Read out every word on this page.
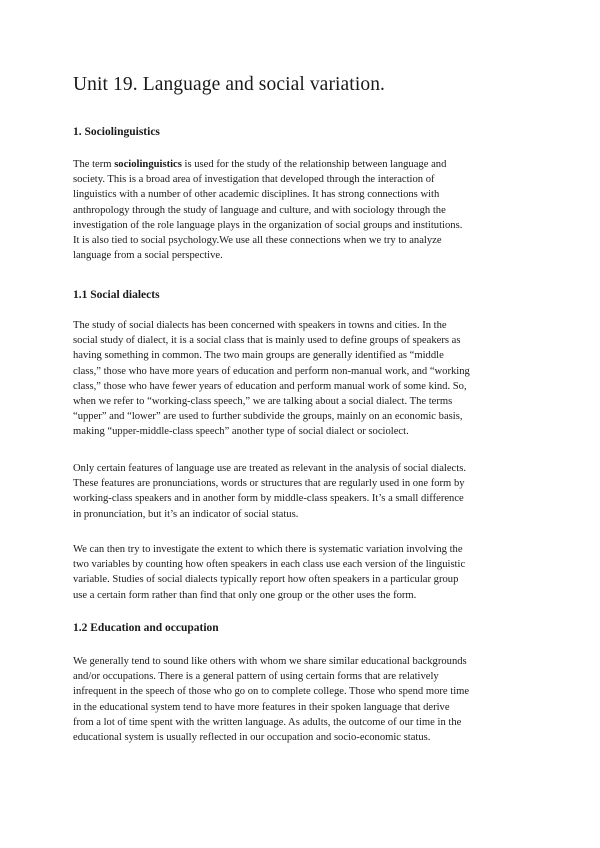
Unit 19. Language and social variation.
1. Sociolinguistics
The term sociolinguistics is used for the study of the relationship between language and
society. This is a broad area of investigation that developed through the interaction of
linguistics with a number of other academic disciplines. It has strong connections with
anthropology through the study of language and culture, and with sociology through the
investigation of the role language plays in the organization of social groups and institutions.
It is also tied to social psychology.We use all these connections when we try to analyze
language from a social perspective.
1.1 Social dialects
The study of social dialects has been concerned with speakers in towns and cities. In the
social study of dialect, it is a social class that is mainly used to define groups of speakers as
having something in common. The two main groups are generally identified as “middle
class,” those who have more years of education and perform non-manual work, and “working
class,” those who have fewer years of education and perform manual work of some kind. So,
when we refer to “working-class speech,” we are talking about a social dialect. The terms
“upper” and “lower” are used to further subdivide the groups, mainly on an economic basis,
making “upper-middle-class speech” another type of social dialect or sociolect.
Only certain features of language use are treated as relevant in the analysis of social dialects.
These features are pronunciations, words or structures that are regularly used in one form by
working-class speakers and in another form by middle-class speakers. It’s a small difference
in pronunciation, but it’s an indicator of social status.
We can then try to investigate the extent to which there is systematic variation involving the
two variables by counting how often speakers in each class use each version of the linguistic
variable. Studies of social dialects typically report how often speakers in a particular group
use a certain form rather than find that only one group or the other uses the form.
1.2 Education and occupation
We generally tend to sound like others with whom we share similar educational backgrounds
and/or occupations. There is a general pattern of using certain forms that are relatively
infrequent in the speech of those who go on to complete college. Those who spend more time
in the educational system tend to have more features in their spoken language that derive
from a lot of time spent with the written language. As adults, the outcome of our time in the
educational system is usually reflected in our occupation and socio-economic status.
